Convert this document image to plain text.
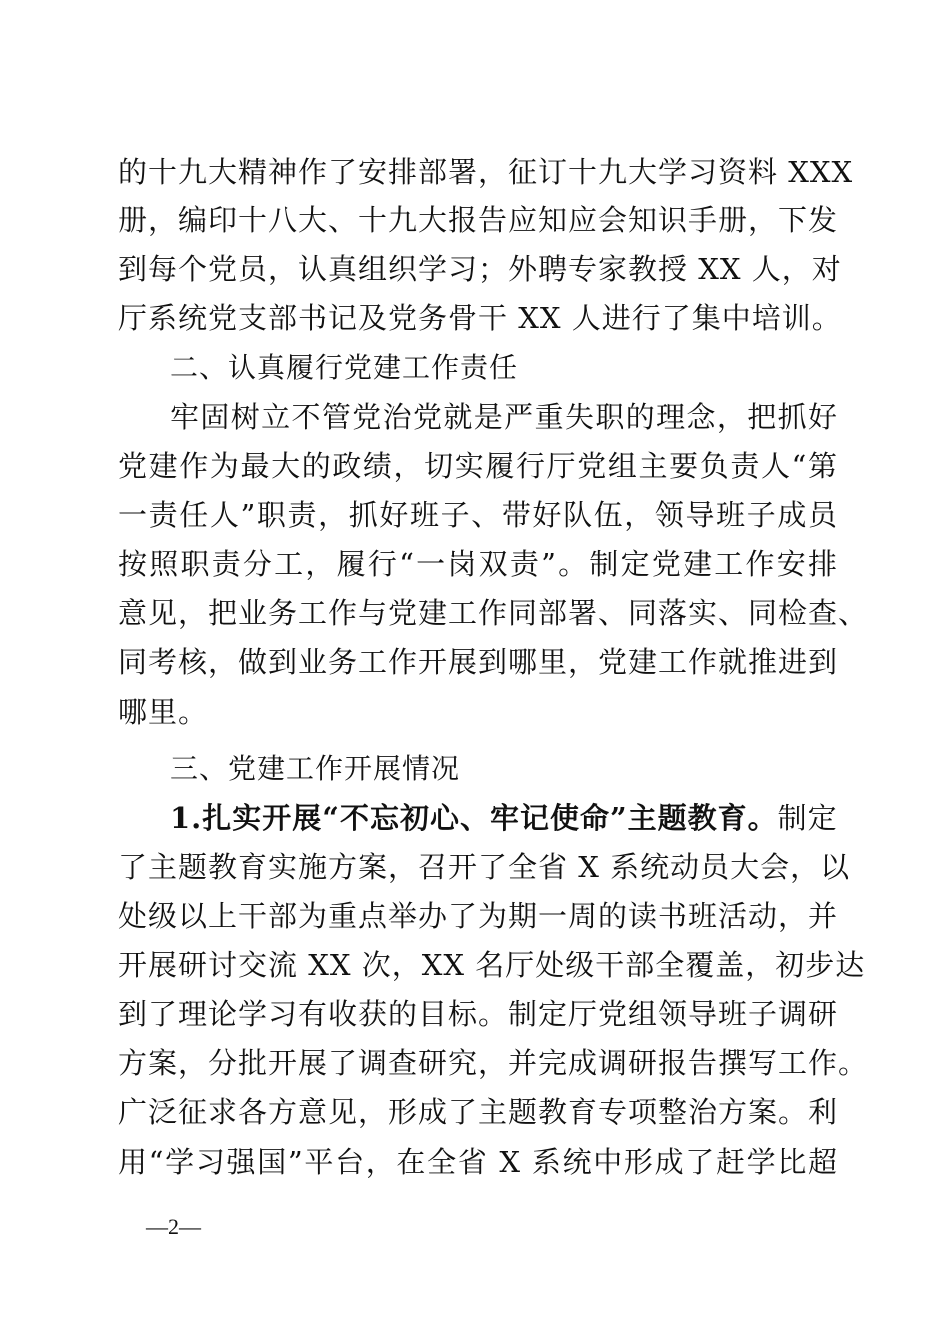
的十九大精神作了安排部署，征订十九大学习资料 XXX
册，编印十八大、十九大报告应知应会知识手册，下发
到每个党员，认真组织学习；外聘专家教授 XX 人，对
厅系统党支部书记及党务骨干 XX 人进行了集中培训。
二、认真履行党建工作责任
牢固树立不管党治党就是严重失职的理念，把抓好
党建作为最大的政绩，切实履行厅党组主要负责人“第
一责任人”职责，抓好班子、带好队伍，领导班子成员
按照职责分工，履行“一岗双责”。制定党建工作安排
意见，把业务工作与党建工作同部署、同落实、同检查、
同考核，做到业务工作开展到哪里，党建工作就推进到
哪里。
三、党建工作开展情况
1.扎实开展“不忘初心、牢记使命”主题教育。制定
了主题教育实施方案，召开了全省 X 系统动员大会，以
处级以上干部为重点举办了为期一周的读书班活动，并
开展研讨交流 XX 次，XX 名厅处级干部全覆盖，初步达
到了理论学习有收获的目标。制定厅党组领导班子调研
方案，分批开展了调查研究，并完成调研报告撰写工作。
广泛征求各方意见，形成了主题教育专项整治方案。利
用“学习强国”平台，在全省 X 系统中形成了赶学比超
—2—
